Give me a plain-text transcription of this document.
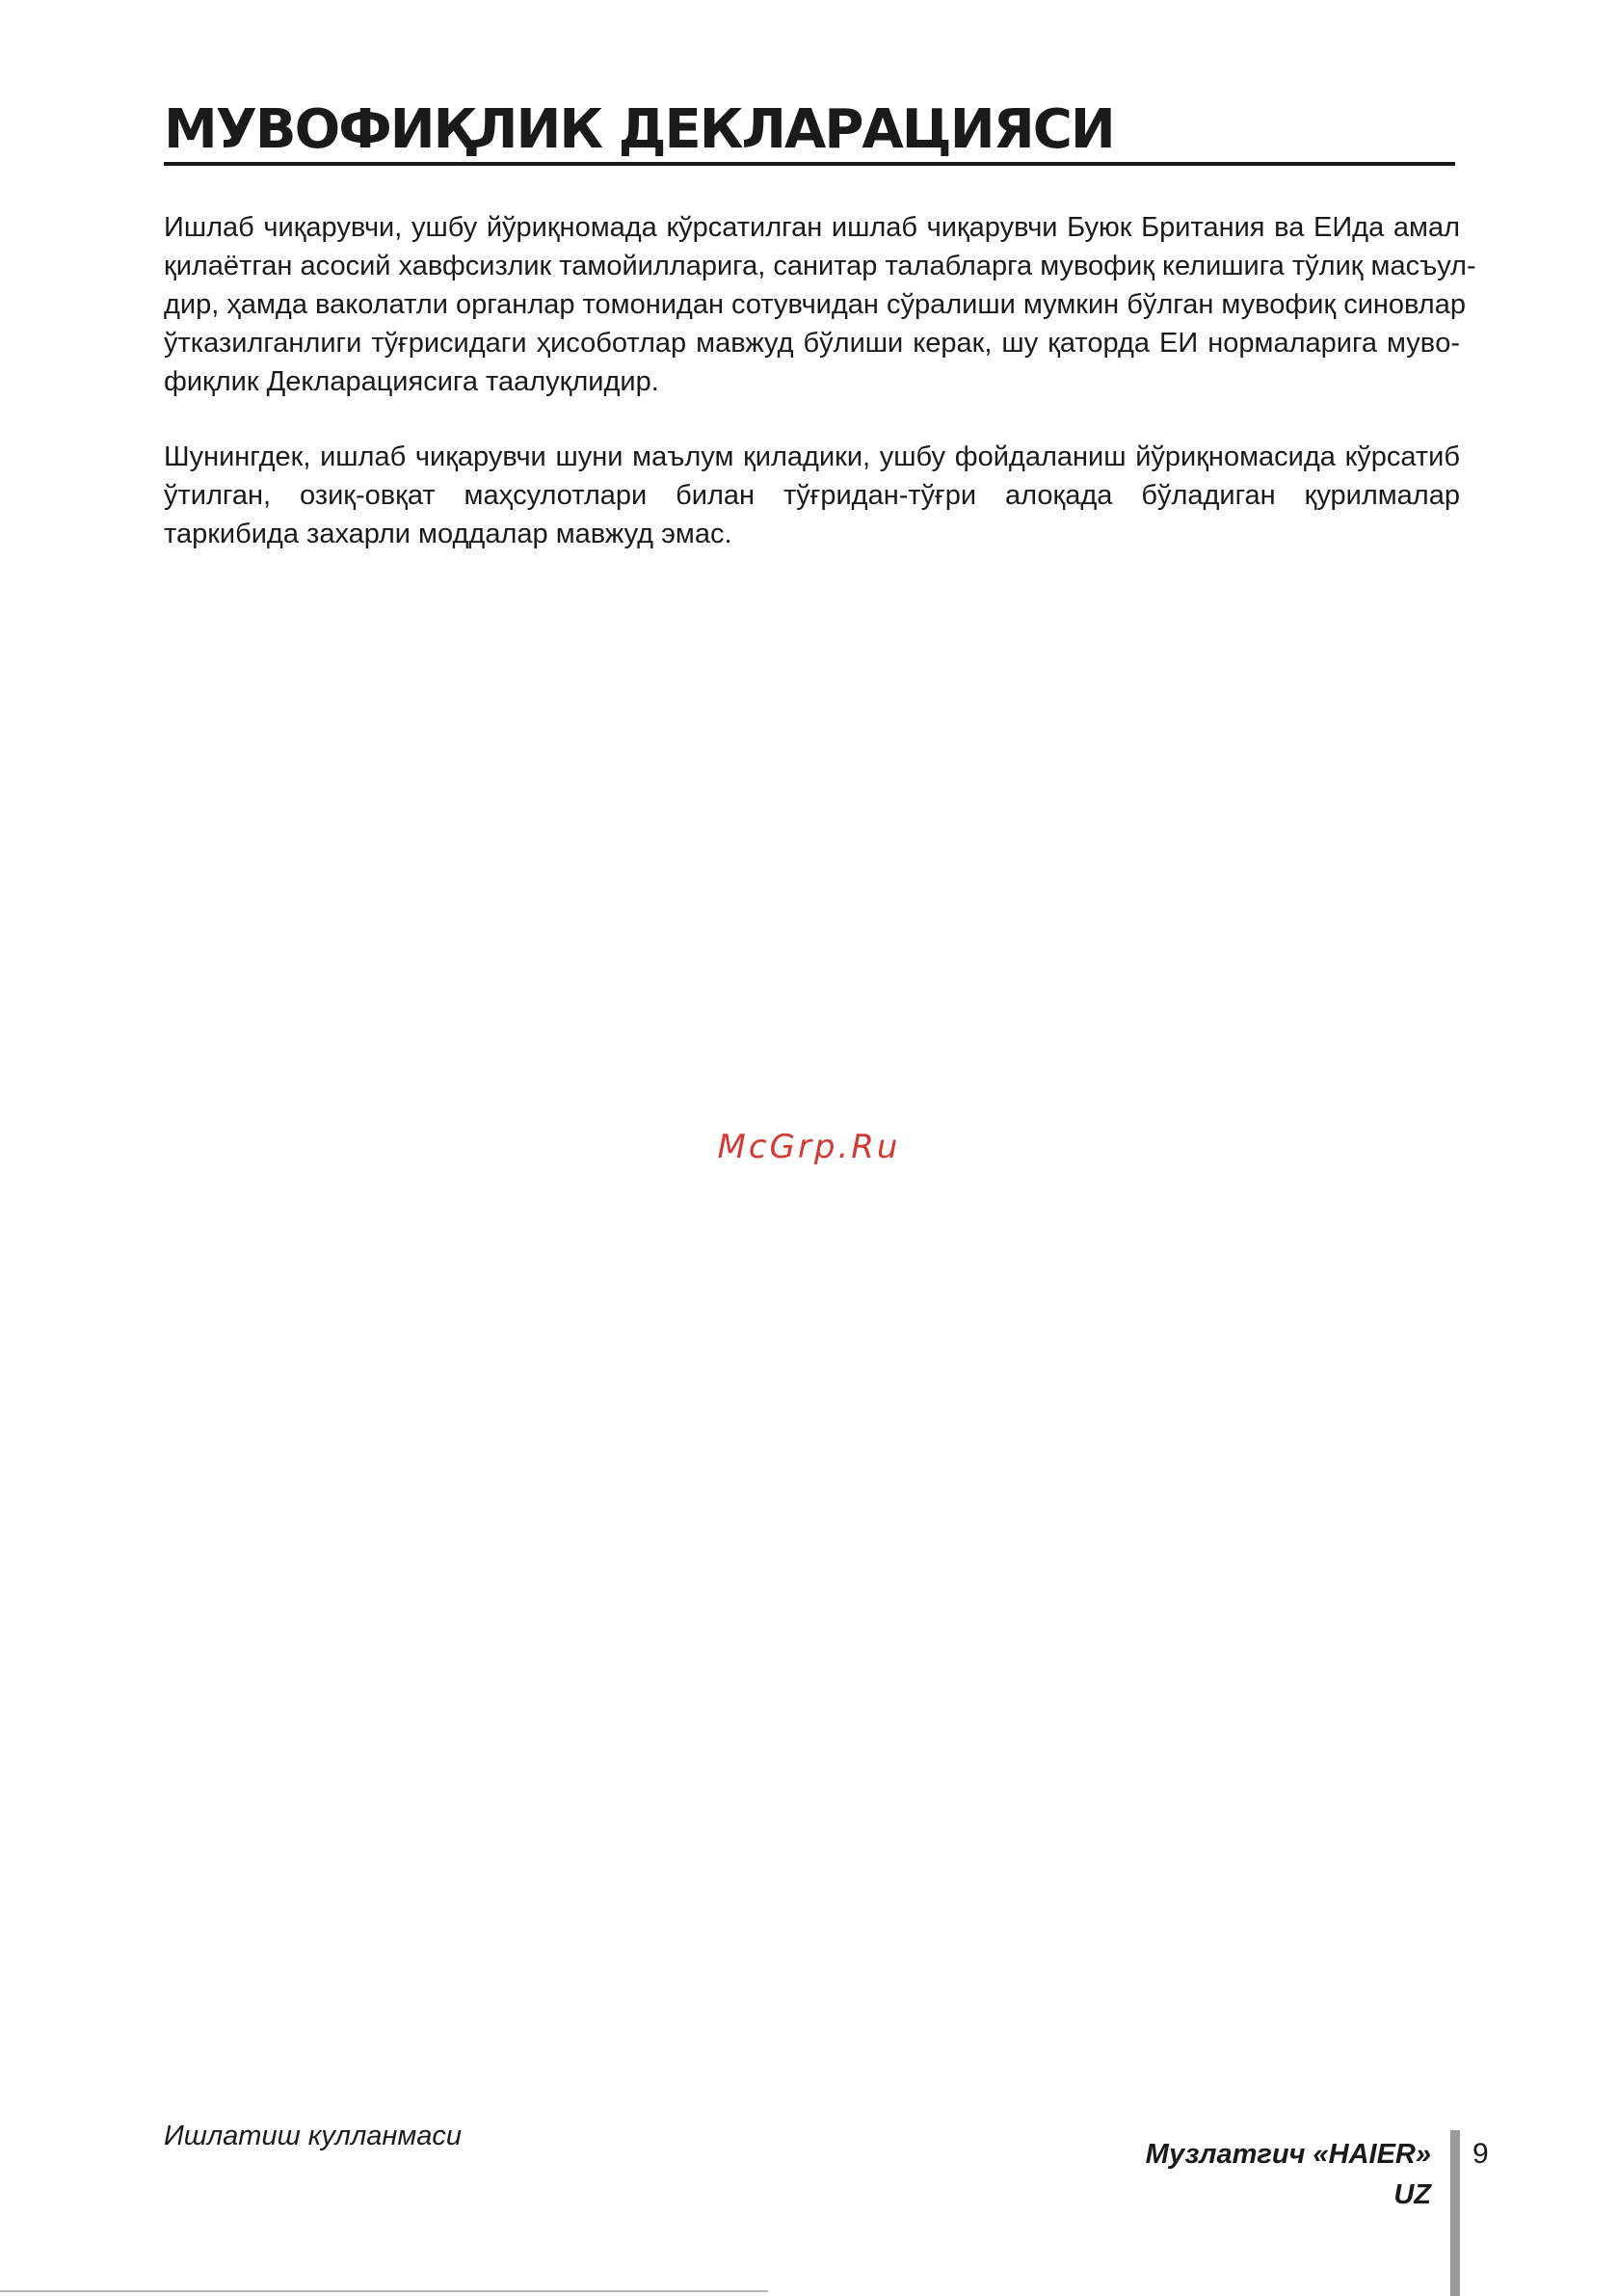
МУВОФИҚЛИК ДЕКЛАРАЦИЯСИ

Ишлаб чиқарувчи, ушбу йўриқномада кўрсатилган ишлаб чиқарувчи Буюк Британия ва ЕИда амал
қилаётган асосий хавфсизлик тамойилларига, санитар талабларга мувофиқ келишига тўлиқ масъул-
дир, ҳамда ваколатли органлар томонидан сотувчидан сўралиши мумкин бўлган мувофиқ синовлар
ўтказилганлиги тўғрисидаги ҳисоботлар мавжуд бўлиши керак, шу қаторда ЕИ нормаларига мувo-
фиқлик Декларациясига таалуқлидир.

Шунингдек, ишлаб чиқарувчи шуни маълум қиладики, ушбу фойдаланиш йўриқномасида кўрсатиб
ўтилган, озиқ-овқат маҳсулотлари билан тўғридан-тўғри алоқада бўладиган қурилмалар
таркибида захарли моддалар мавжуд эмас.

McGrp.Ru
Ишлатиш кулланмаси
Музлатгич «HAIER»
UZ
9
